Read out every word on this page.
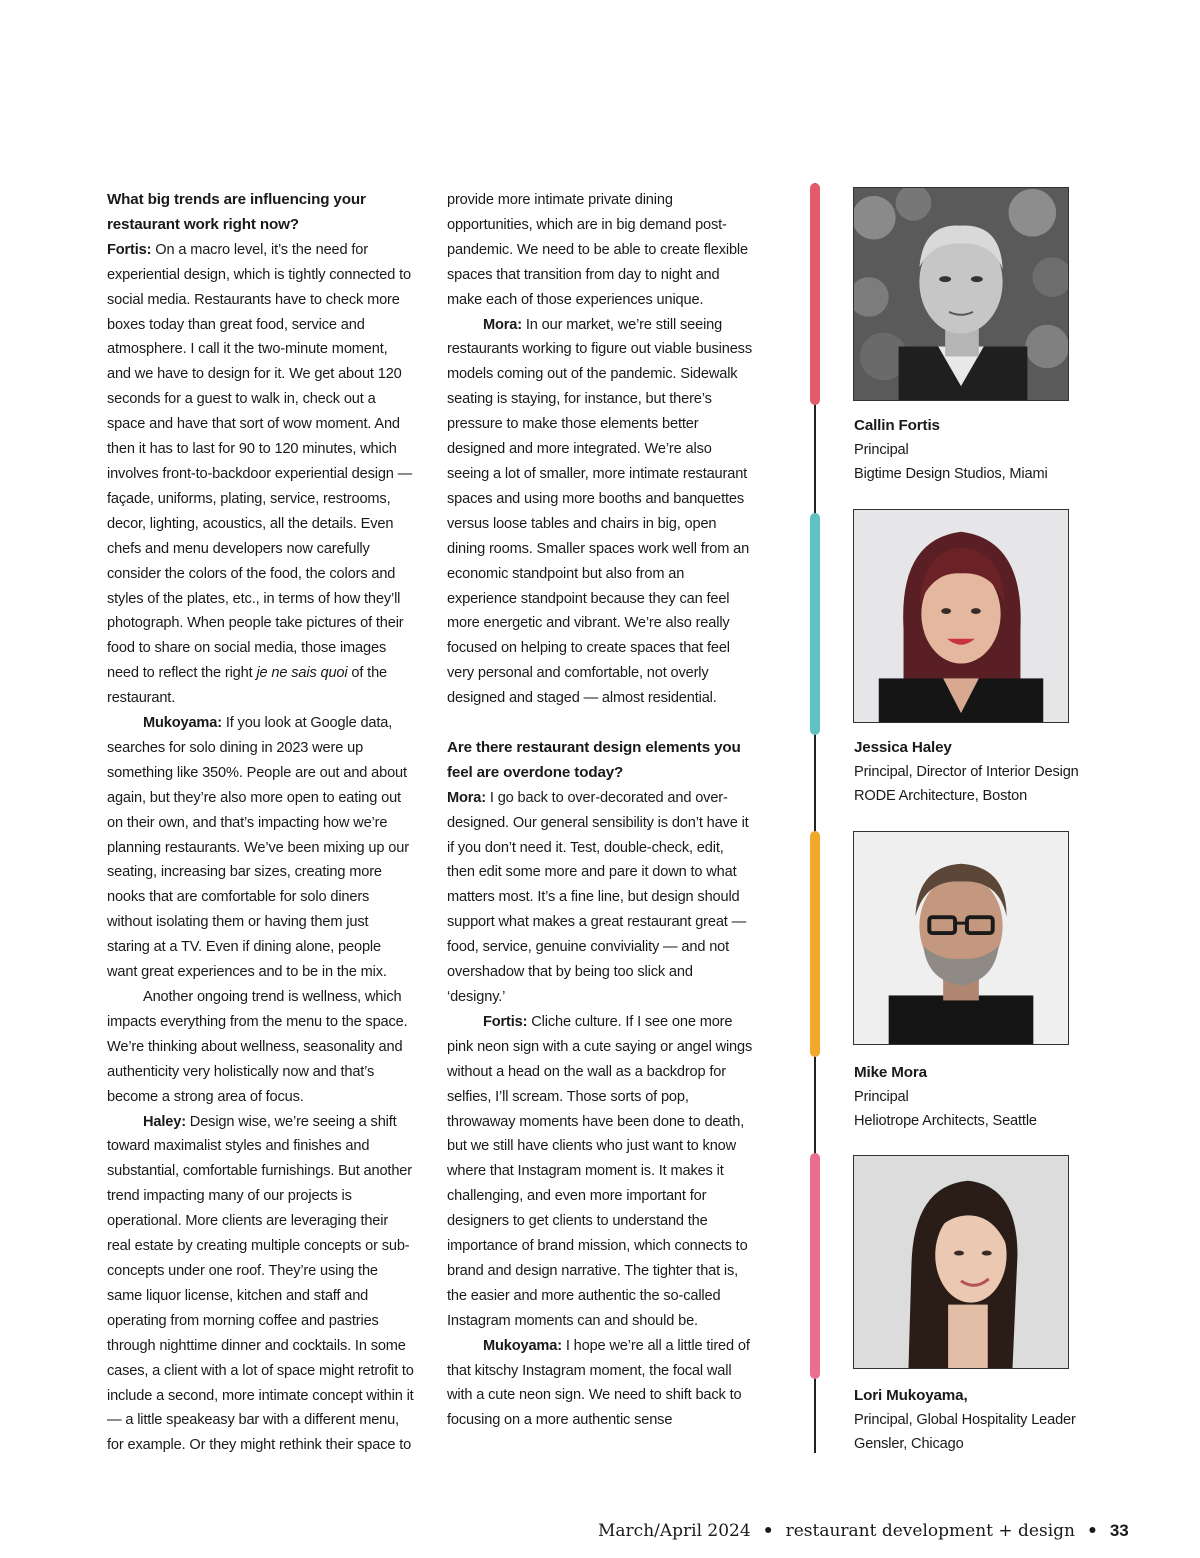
What big trends are influencing your restaurant work right now?

Fortis: On a macro level, it’s the need for experiential design, which is tightly connected to social media. Restaurants have to check more boxes today than great food, service and atmosphere. I call it the two-minute moment, and we have to design for it. We get about 120 seconds for a guest to walk in, check out a space and have that sort of wow moment. And then it has to last for 90 to 120 minutes, which involves front-to-backdoor experiential design — façade, uniforms, plating, service, restrooms, decor, lighting, acoustics, all the details. Even chefs and menu developers now carefully consider the colors of the food, the colors and styles of the plates, etc., in terms of how they’ll photograph. When people take pictures of their food to share on social media, those images need to reflect the right je ne sais quoi of the restaurant.

Mukoyama: If you look at Google data, searches for solo dining in 2023 were up something like 350%. People are out and about again, but they’re also more open to eating out on their own, and that’s impacting how we’re planning restaurants. We’ve been mixing up our seating, increasing bar sizes, creating more nooks that are comfortable for solo diners without isolating them or having them just staring at a TV. Even if dining alone, people want great experiences and to be in the mix.

Another ongoing trend is wellness, which impacts everything from the menu to the space. We’re thinking about wellness, seasonality and authenticity very holistically now and that’s become a strong area of focus.

Haley: Design wise, we’re seeing a shift toward maximalist styles and finishes and substantial, comfortable furnishings. But another trend impacting many of our projects is operational. More clients are leveraging their real estate by creating multiple concepts or sub-concepts under one roof. They’re using the same liquor license, kitchen and staff and operating from morning coffee and pastries through nighttime dinner and cocktails. In some cases, a client with a lot of space might retrofit to include a second, more intimate concept within it — a little speakeasy bar with a different menu, for example. Or they might rethink their space to

provide more intimate private dining opportunities, which are in big demand post-pandemic. We need to be able to create flexible spaces that transition from day to night and make each of those experiences unique.

Mora: In our market, we’re still seeing restaurants working to figure out viable business models coming out of the pandemic. Sidewalk seating is staying, for instance, but there’s pressure to make those elements better designed and more integrated. We’re also seeing a lot of smaller, more intimate restaurant spaces and using more booths and banquettes versus loose tables and chairs in big, open dining rooms. Smaller spaces work well from an economic standpoint but also from an experience standpoint because they can feel more energetic and vibrant. We’re also really focused on helping to create spaces that feel very personal and comfortable, not overly designed and staged — almost residential.

Are there restaurant design elements you feel are overdone today?

Mora: I go back to over-decorated and over-designed. Our general sensibility is don’t have it if you don’t need it. Test, double-check, edit, then edit some more and pare it down to what matters most. It’s a fine line, but design should support what makes a great restaurant great — food, service, genuine conviviality — and not overshadow that by being too slick and ‘designy.’

Fortis: Cliche culture. If I see one more pink neon sign with a cute saying or angel wings without a head on the wall as a backdrop for selfies, I’ll scream. Those sorts of pop, throwaway moments have been done to death, but we still have clients who just want to know where that Instagram moment is. It makes it challenging, and even more important for designers to get clients to understand the importance of brand mission, which connects to brand and design narrative. The tighter that is, the easier and more authentic the so-called Instagram moments can and should be.

Mukoyama: I hope we’re all a little tired of that kitschy Instagram moment, the focal wall with a cute neon sign. We need to shift back to focusing on a more authentic sense

Callin Fortis
Principal
Bigtime Design Studios, Miami
Jessica Haley
Principal, Director of Interior Design
RODE Architecture, Boston
Mike Mora
Principal
Heliotrope Architects, Seattle
Lori Mukoyama,
Principal, Global Hospitality Leader
Gensler, Chicago
March/April 2024 • restaurant development + design • 33
